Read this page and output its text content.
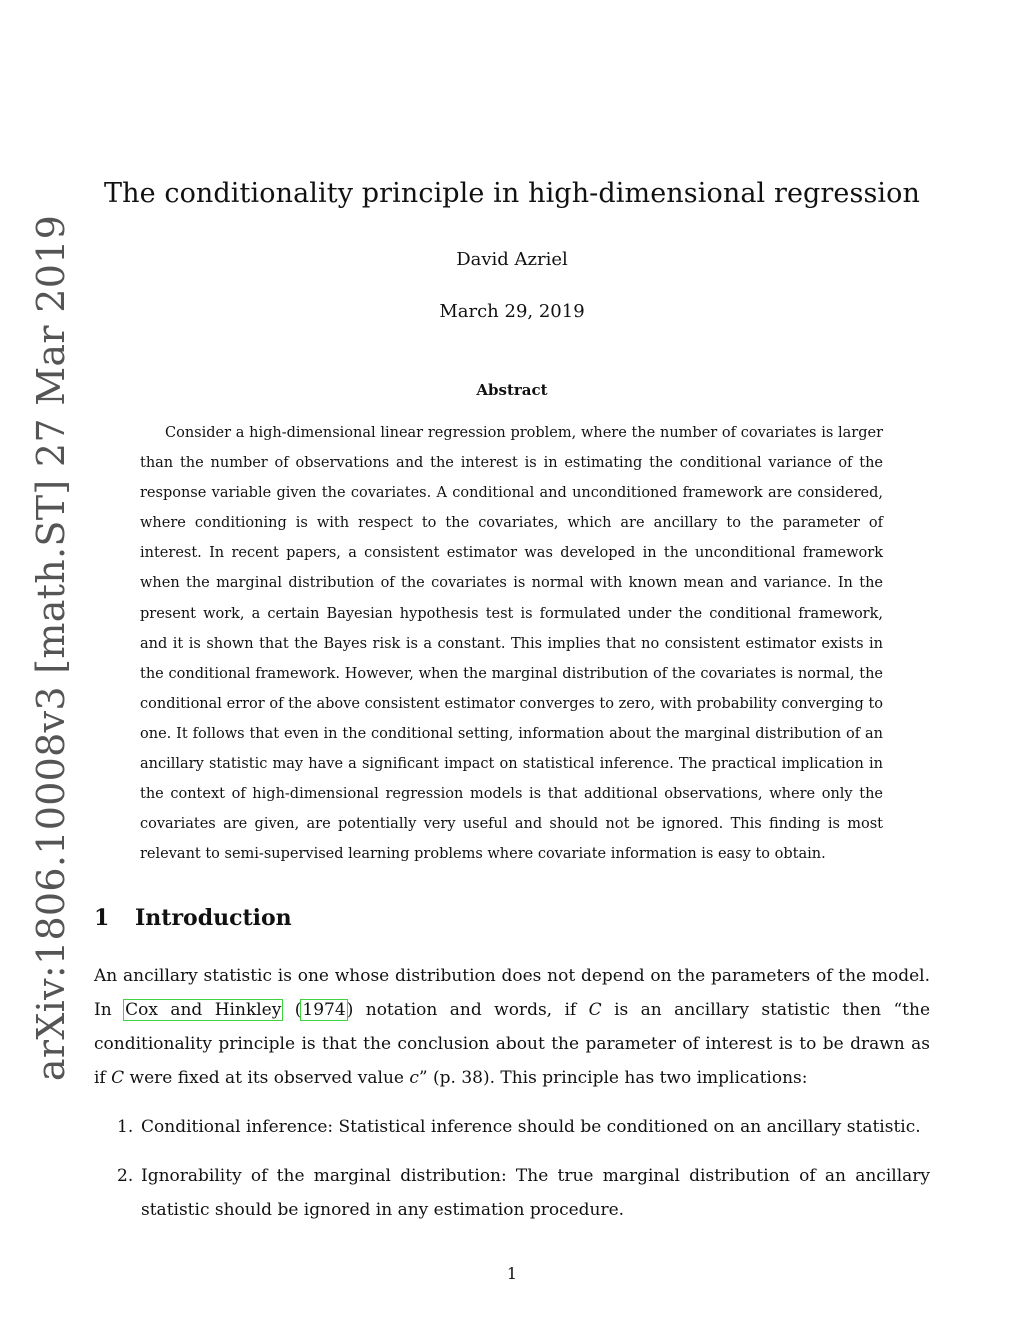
arXiv:1806.10008v3 [math.ST] 27 Mar 2019
The conditionality principle in high-dimensional regression
David Azriel
March 29, 2019
Abstract

Consider a high-dimensional linear regression problem, where the number of covariates is larger than the number of observations and the interest is in estimating the conditional variance of the response variable given the covariates. A conditional and unconditioned framework are considered, where conditioning is with respect to the covariates, which are ancillary to the parameter of interest. In recent papers, a consistent estimator was developed in the unconditional framework when the marginal distribution of the covariates is normal with known mean and variance. In the present work, a certain Bayesian hypothesis test is formulated under the conditional framework, and it is shown that the Bayes risk is a constant. This implies that no consistent estimator exists in the conditional framework. However, when the marginal distribution of the covariates is normal, the conditional error of the above consistent estimator converges to zero, with probability converging to one. It follows that even in the conditional setting, information about the marginal distribution of an ancillary statistic may have a significant impact on statistical inference. The practical implication in the context of high-dimensional regression models is that additional observations, where only the covariates are given, are potentially very useful and should not be ignored. This finding is most relevant to semi-supervised learning problems where covariate information is easy to obtain.

1 Introduction

An ancillary statistic is one whose distribution does not depend on the parameters of the model. In Cox and Hinkley (1974) notation and words, if C is an ancillary statistic then “the conditionality principle is that the conclusion about the parameter of interest is to be drawn as if C were fixed at its observed value c” (p. 38). This principle has two implications:

1. Conditional inference: Statistical inference should be conditioned on an ancillary statistic.
2. Ignorability of the marginal distribution: The true marginal distribution of an ancillary statistic should be ignored in any estimation procedure.
1
